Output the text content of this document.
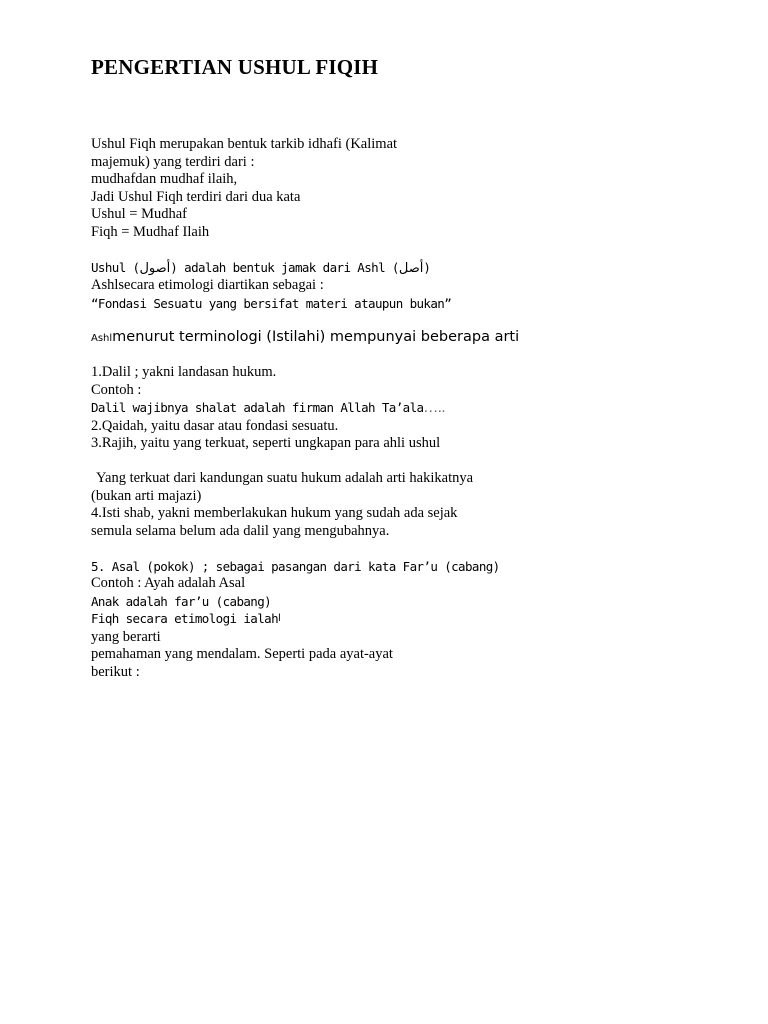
PENGERTIAN USHUL FIQIH
Ushul Fiqh merupakan bentuk tarkib idhafi (Kalimat
majemuk) yang terdiri dari :
mudhafdan mudhaf ilaih,
Jadi Ushul Fiqh terdiri dari dua kata
Ushul = Mudhaf
Fiqh = Mudhaf Ilaih
Ushul (أصول) adalah bentuk jamak dari Ashl (أصل)
Ashlsecara etimologi diartikan sebagai :
“Fondasi Sesuatu yang bersifat materi ataupun bukan”
Ashlmenurut terminologi (Istilahi) mempunyai beberapa arti
1.Dalil ; yakni landasan hukum.
Contoh :
Dalil wajibnya shalat adalah firman Allah Ta’ala…..
2.Qaidah, yaitu dasar atau fondasi sesuatu.
3.Rajih, yaitu yang terkuat, seperti ungkapan para ahli ushul
Yang terkuat dari kandungan suatu hukum adalah arti hakikatnya
(bukan arti majazi)
4.Isti shab, yakni memberlakukan hukum yang sudah ada sejak
semula selama belum ada dalil yang mengubahnya.
5. Asal (pokok) ; sebagai pasangan dari kata Far’u (cabang)
Contoh : Ayah adalah Asal
Anak adalah far’u (cabang)
Fiqh secara etimologi ialah$^ا$
yang berarti
pemahaman yang mendalam. Seperti pada ayat-ayat
berikut :
